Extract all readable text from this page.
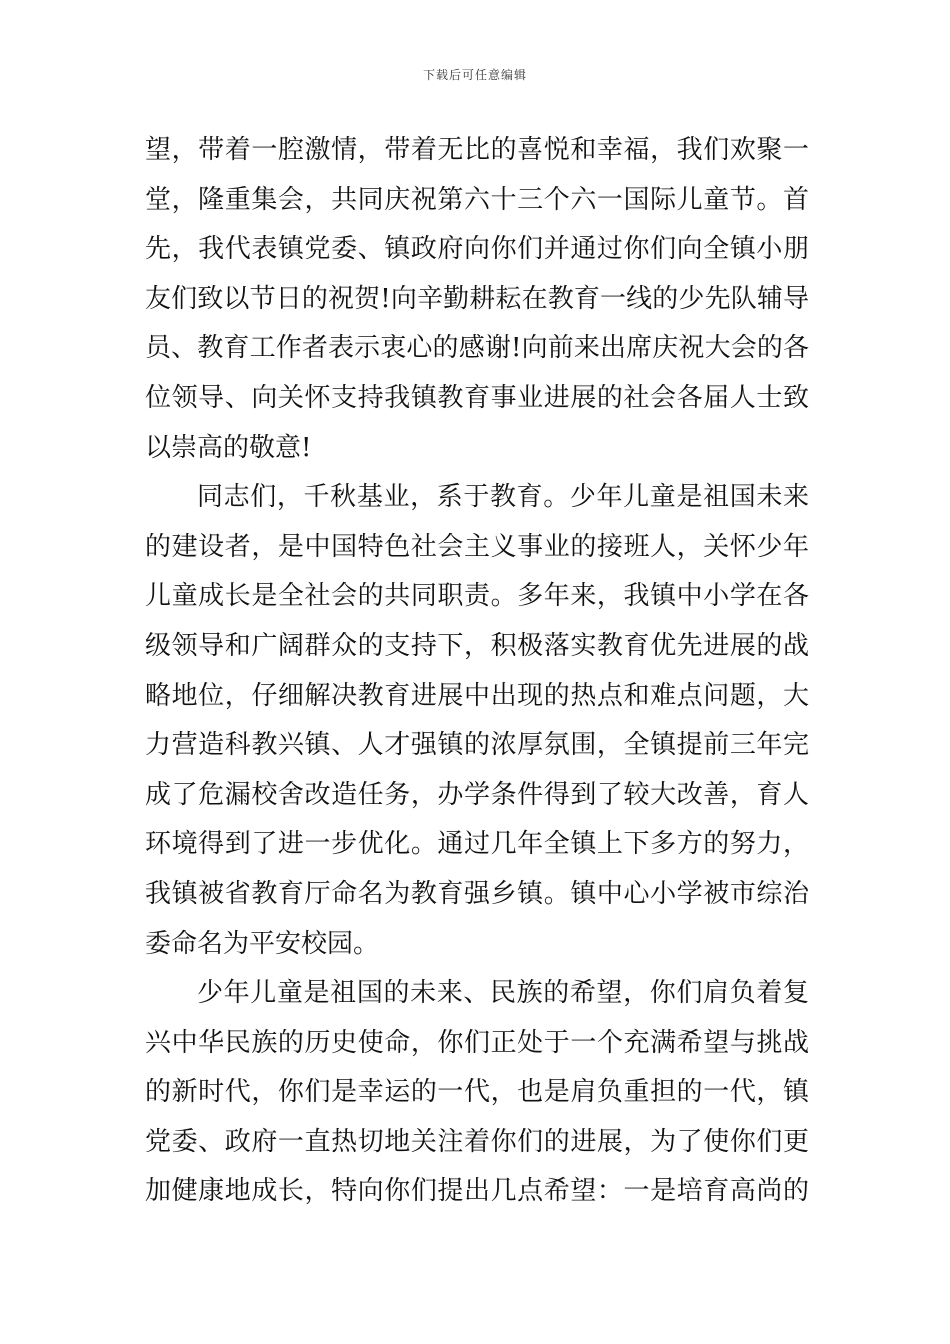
下载后可任意编辑
望，带着一腔激情，带着无比的喜悦和幸福，我们欢聚一
堂，隆重集会，共同庆祝第六十三个六一国际儿童节。首
先，我代表镇党委、镇政府向你们并通过你们向全镇小朋
友们致以节日的祝贺!向辛勤耕耘在教育一线的少先队辅导
员、教育工作者表示衷心的感谢!向前来出席庆祝大会的各
位领导、向关怀支持我镇教育事业进展的社会各届人士致
以崇高的敬意!
同志们，千秋基业，系于教育。少年儿童是祖国未来
的建设者，是中国特色社会主义事业的接班人，关怀少年
儿童成长是全社会的共同职责。多年来，我镇中小学在各
级领导和广阔群众的支持下，积极落实教育优先进展的战
略地位，仔细解决教育进展中出现的热点和难点问题，大
力营造科教兴镇、人才强镇的浓厚氛围，全镇提前三年完
成了危漏校舍改造任务，办学条件得到了较大改善，育人
环境得到了进一步优化。通过几年全镇上下多方的努力，
我镇被省教育厅命名为教育强乡镇。镇中心小学被市综治
委命名为平安校园。
少年儿童是祖国的未来、民族的希望，你们肩负着复
兴中华民族的历史使命，你们正处于一个充满希望与挑战
的新时代，你们是幸运的一代，也是肩负重担的一代，镇
党委、政府一直热切地关注着你们的进展，为了使你们更
加健康地成长，特向你们提出几点希望：一是培育高尚的
